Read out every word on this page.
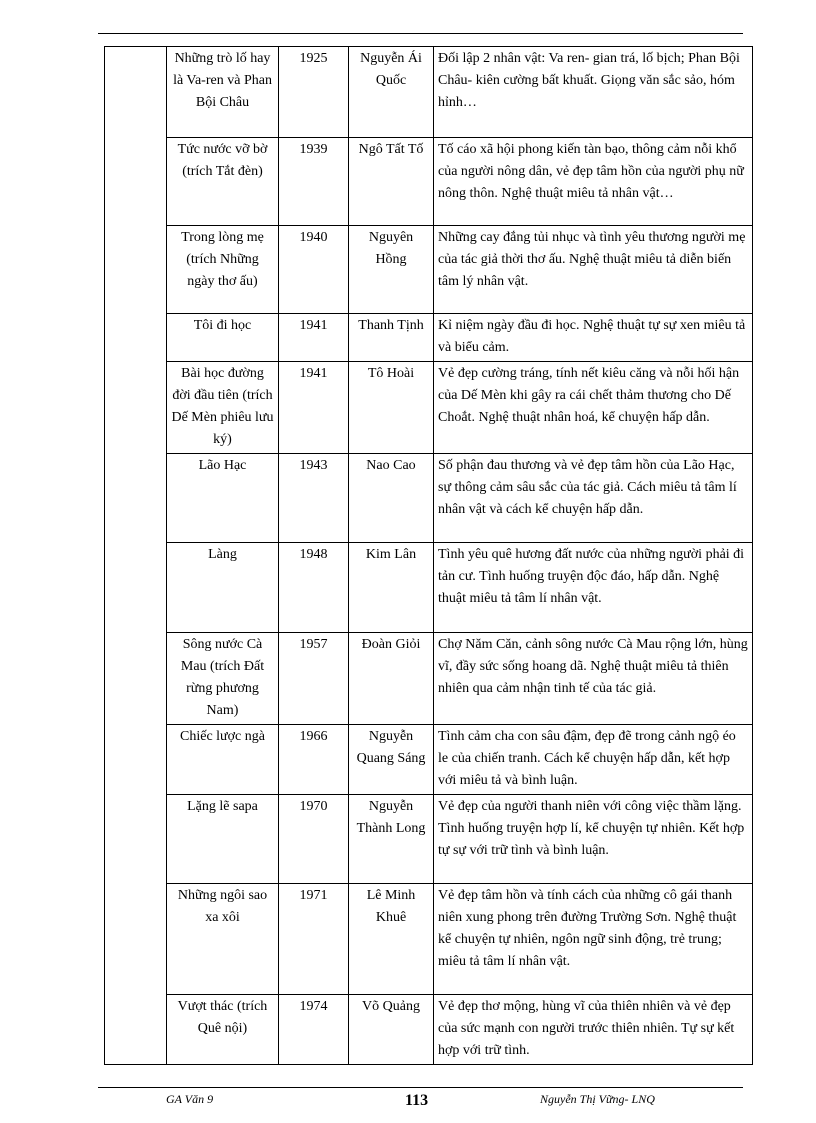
	Những trò lố hay là Va-ren và Phan Bội Châu	1925	Nguyễn Ái Quốc	Đối lập 2 nhân vật: Va ren- gian trá, lố bịch; Phan Bội Châu- kiên cường bất khuất. Giọng văn sắc sảo, hóm hỉnh…
	Tức nước vỡ bờ (trích Tắt đèn)	1939	Ngô Tất Tố	Tố cáo xã hội phong kiến tàn bạo, thông cảm nỗi khổ của người nông dân, vẻ đẹp tâm hồn của người phụ nữ nông thôn. Nghệ thuật miêu tả nhân vật…
	Trong lòng mẹ (trích Những ngày thơ ấu)	1940	Nguyên Hồng	Những cay đắng tủi nhục và tình yêu thương người mẹ của tác giả thời thơ ấu. Nghệ thuật miêu tả diễn biến tâm lý nhân vật.
	Tôi đi học	1941	Thanh Tịnh	Kỉ niệm ngày đầu đi học. Nghệ thuật tự sự xen miêu tả và biểu cảm.
	Bài học đường đời đầu tiên (trích Dế Mèn phiêu lưu ký)	1941	Tô Hoài	Vẻ đẹp cường tráng, tính nết kiêu căng và nỗi hối hận của Dế Mèn khi gây ra cái chết thảm thương cho Dế Choắt. Nghệ thuật nhân hoá, kể chuyện hấp dẫn.
	Lão Hạc	1943	Nao Cao	Số phận đau thương và vẻ đẹp tâm hồn của Lão Hạc, sự thông cảm sâu sắc của tác giả. Cách miêu tả tâm lí nhân vật và cách kể chuyện hấp dẫn.
	Làng	1948	Kim Lân	Tình yêu quê hương đất nước của những người phải đi tản cư. Tình huống truyện độc đáo, hấp dẫn. Nghệ thuật miêu tả tâm lí nhân vật.
	Sông nước Cà Mau (trích Đất rừng phương Nam)	1957	Đoàn Giỏi	Chợ Năm Căn, cảnh sông nước Cà Mau rộng lớn, hùng vĩ, đầy sức sống hoang dã. Nghệ thuật miêu tả thiên nhiên qua cảm nhận tinh tế của tác giả.
	Chiếc lược ngà	1966	Nguyễn Quang Sáng	Tình cảm cha con sâu đậm, đẹp đẽ trong cảnh ngộ éo le của chiến tranh. Cách kể chuyện hấp dẫn, kết hợp với miêu tả và bình luận.
	Lặng lẽ sapa	1970	Nguyễn Thành Long	Vẻ đẹp của người thanh niên với công việc thầm lặng. Tình huống truyện hợp lí, kể chuyện tự nhiên. Kết hợp tự sự với trữ tình và bình luận.
	Những ngôi sao xa xôi	1971	Lê Minh Khuê	Vẻ đẹp tâm hồn và tính cách của những cô gái thanh niên xung phong trên đường Trường Sơn. Nghệ thuật kể chuyện tự nhiên, ngôn ngữ sinh động, trẻ trung; miêu tả tâm lí nhân vật.
	Vượt thác (trích Quê nội)	1974	Võ Quảng	Vẻ đẹp thơ mộng, hùng vĩ của thiên nhiên và vẻ đẹp của sức mạnh con người trước thiên nhiên. Tự sự kết hợp với trữ tình.
GA Văn 9	113	Nguyễn Thị Vững- LNQ
